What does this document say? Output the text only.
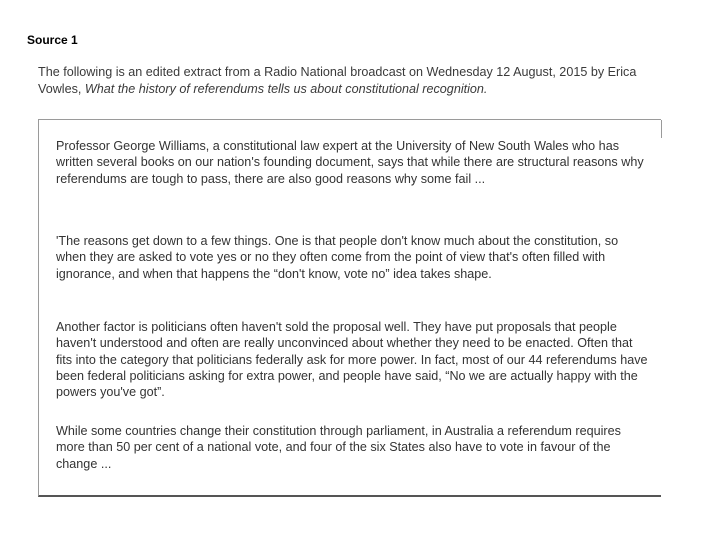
Source 1
The following is an edited extract from a Radio National broadcast on Wednesday 12 August, 2015 by Erica Vowles, What the history of referendums tells us about constitutional recognition.

Professor George Williams, a constitutional law expert at the University of New South Wales who has written several books on our nation's founding document, says that while there are structural reasons why referendums are tough to pass, there are also good reasons why some fail ...

'The reasons get down to a few things. One is that people don't know much about the constitution, so when they are asked to vote yes or no they often come from the point of view that's often filled with ignorance, and when that happens the “don't know, vote no” idea takes shape.

Another factor is politicians often haven't sold the proposal well. They have put proposals that people haven't understood and often are really unconvinced about whether they need to be enacted. Often that fits into the category that politicians federally ask for more power. In fact, most of our 44 referendums have been federal politicians asking for extra power, and people have said, “No we are actually happy with the powers you've got”.

While some countries change their constitution through parliament, in Australia a referendum requires more than 50 per cent of a national vote, and four of the six States also have to vote in favour of the change ...
